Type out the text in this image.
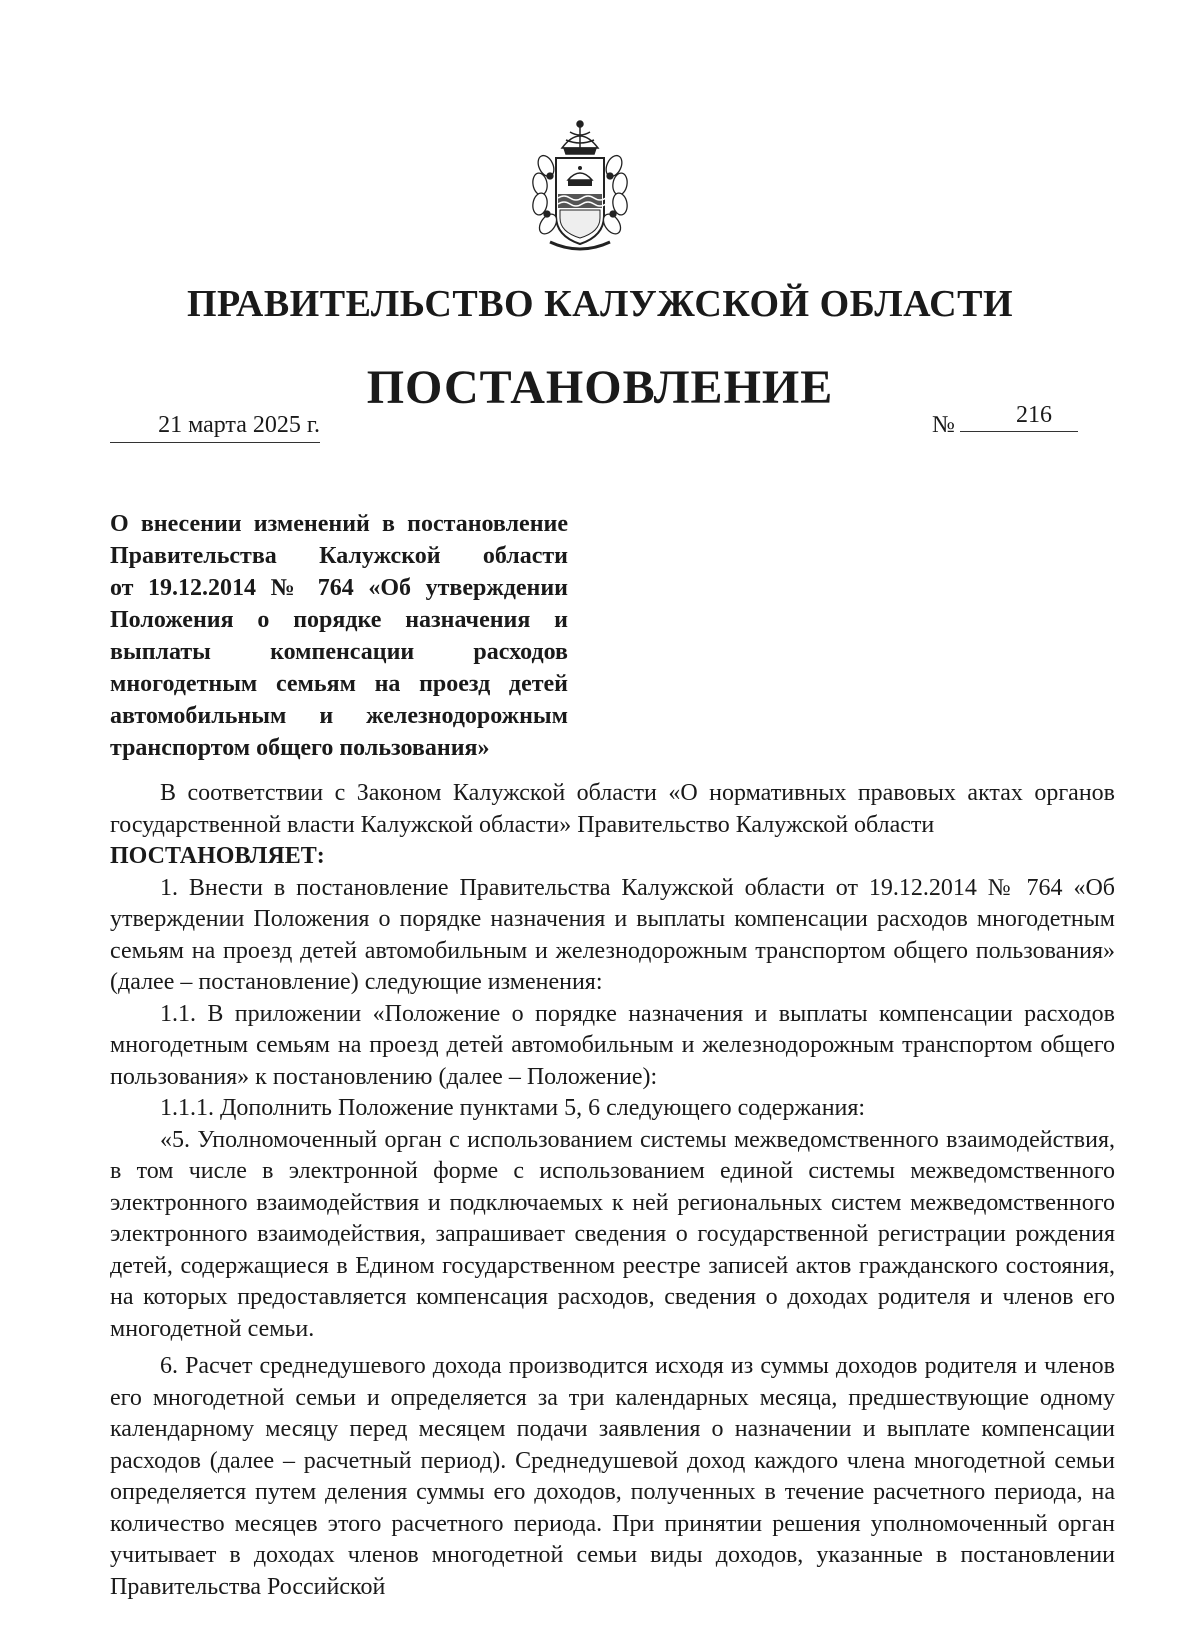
ПРАВИТЕЛЬСТВО КАЛУЖСКОЙ ОБЛАСТИ
ПОСТАНОВЛЕНИЕ
21 марта 2025 г.	№	216
О внесении изменений в постановление
Правительства Калужской области
от 19.12.2014 № 764 «Об утверждении
Положения о порядке назначения и
выплаты компенсации расходов
многодетным семьям на проезд детей
автомобильным и железнодорожным
транспортом общего пользования»

В соответствии с Законом Калужской области «О нормативных правовых актах органов государственной власти Калужской области» Правительство Калужской области

ПОСТАНОВЛЯЕТ:

1. Внести в постановление Правительства Калужской области от 19.12.2014 № 764 «Об утверждении Положения о порядке назначения и выплаты компенсации расходов многодетным семьям на проезд детей автомобильным и железнодорожным транспортом общего пользования» (далее – постановление) следующие изменения:

1.1. В приложении «Положение о порядке назначения и выплаты компенсации расходов многодетным семьям на проезд детей автомобильным и железнодорожным транспортом общего пользования» к постановлению (далее – Положение):

1.1.1. Дополнить Положение пунктами 5, 6 следующего содержания:

«5. Уполномоченный орган с использованием системы межведомственного взаимодействия, в том числе в электронной форме с использованием единой системы межведомственного электронного взаимодействия и подключаемых к ней региональных систем межведомственного электронного взаимодействия, запрашивает сведения о государственной регистрации рождения детей, содержащиеся в Едином государственном реестре записей актов гражданского состояния, на которых предоставляется компенсация расходов, сведения о доходах родителя и членов его многодетной семьи.

6. Расчет среднедушевого дохода производится исходя из суммы доходов родителя и членов его многодетной семьи и определяется за три календарных месяца, предшествующие одному календарному месяцу перед месяцем подачи заявления о назначении и выплате компенсации расходов (далее – расчетный период). Среднедушевой доход каждого члена многодетной семьи определяется путем деления суммы его доходов, полученных в течение расчетного периода, на количество месяцев этого расчетного периода. При принятии решения уполномоченный орган учитывает в доходах членов многодетной семьи виды доходов, указанные в постановлении Правительства Российской
